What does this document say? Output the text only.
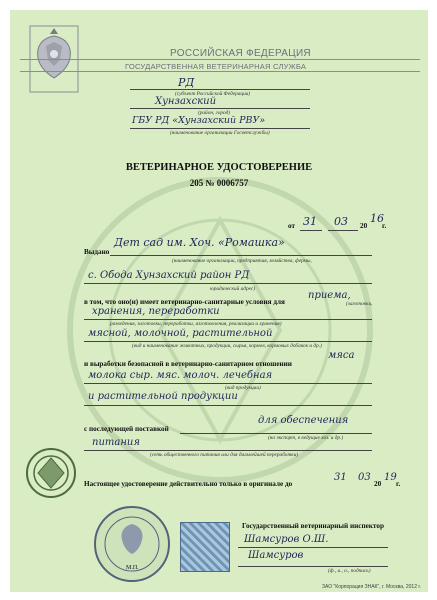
РОССИЙСКАЯ ФЕДЕРАЦИЯ
ГОСУДАРСТВЕННАЯ ВЕТЕРИНАРНАЯ СЛУЖБА
РД
(субъект Российской Федерации)
Хунзахский
(район, город)
ГБУ РД «Хунзахский РВУ»
(наименование организации Госветслужбы)
ВЕТЕРИНАРНОЕ УДОСТОВЕРЕНИЕ
205 № 0006757
от 31 03 20
16
г.
Выдано
Дет сад им. Хоч. «Ромашка»
(наименование организации, предприятия, хозяйства, фермы,
с. Обода Хунзахский район РД
юридический адрес)
в том, что оно(и) имеет ветеринарно-санитарные условия для
приема,
(заготовки,
хранения, переработки
разведения, заготовки, переработки, изготовления, реализации и хранения)
мясной, молочной, растительной
(вид и наименование животных, продукции, сырья, кормов, кормовых добавок и др.)
и выработки безопасной в ветеринарно-санитарном отношении
мяса
молока сыр. мяс. молоч. лечебная
(вид продукции)
и растительной продукции
с последующей поставкой
для обеспечения
(на экспорт, в ведущие хоз. и др.)
питания
(сеть общественного питания или для дальнейшей переработки)
Настоящее удостоверение действительно только в оригинале до
31 03
20
19
г.
М.П.
Государственный ветеринарный инспектор
Шамсуров О.Ш.
Шамсуров
(ф., и., о., подпись)
ЗАО "Корпорация ЗНАК", г. Москва, 2012 г.
